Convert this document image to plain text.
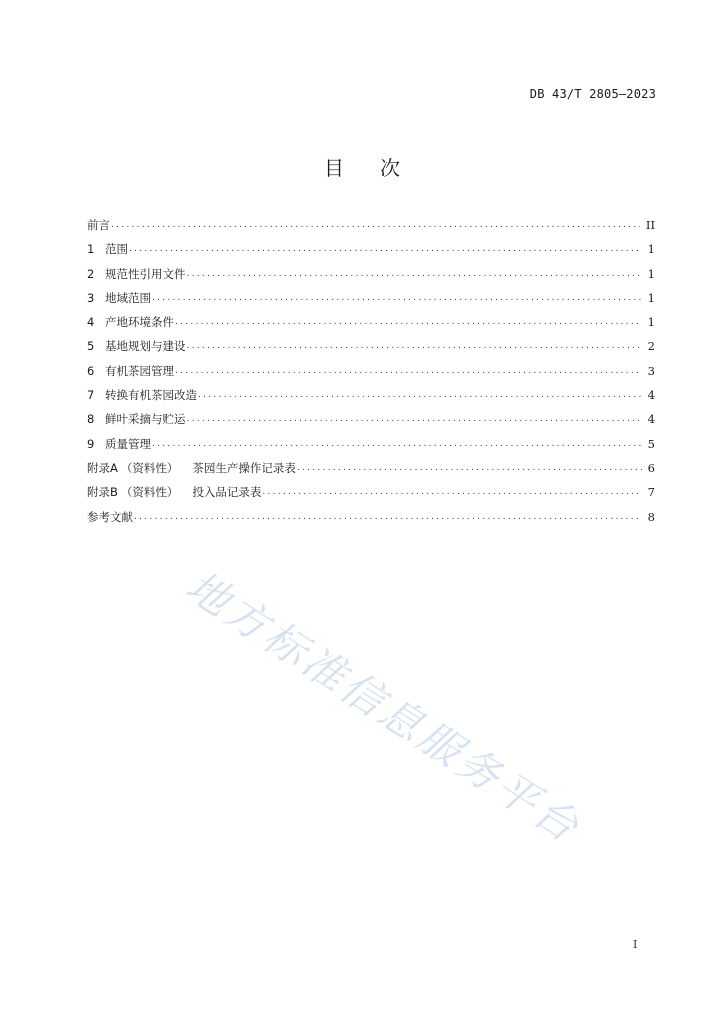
DB 43/T 2805—2023
目 次
前言 . . .	II
1 范围 . . .	1
2 规范性引用文件 . . .	1
3 地域范围 . . .	1
4 产地环境条件 . . .	1
5 基地规划与建设 . . .	2
6 有机茶园管理 . . .	3
7 转换有机茶园改造 . . .	4
8 鲜叶采摘与贮运 . . .	4
9 质量管理 . . .	5
附录A （资料性） 茶园生产操作记录表 . . .	6
附录B （资料性） 投入品记录表 . . .	7
参考文献 . . .	8
地方标准信息服务平台
I
